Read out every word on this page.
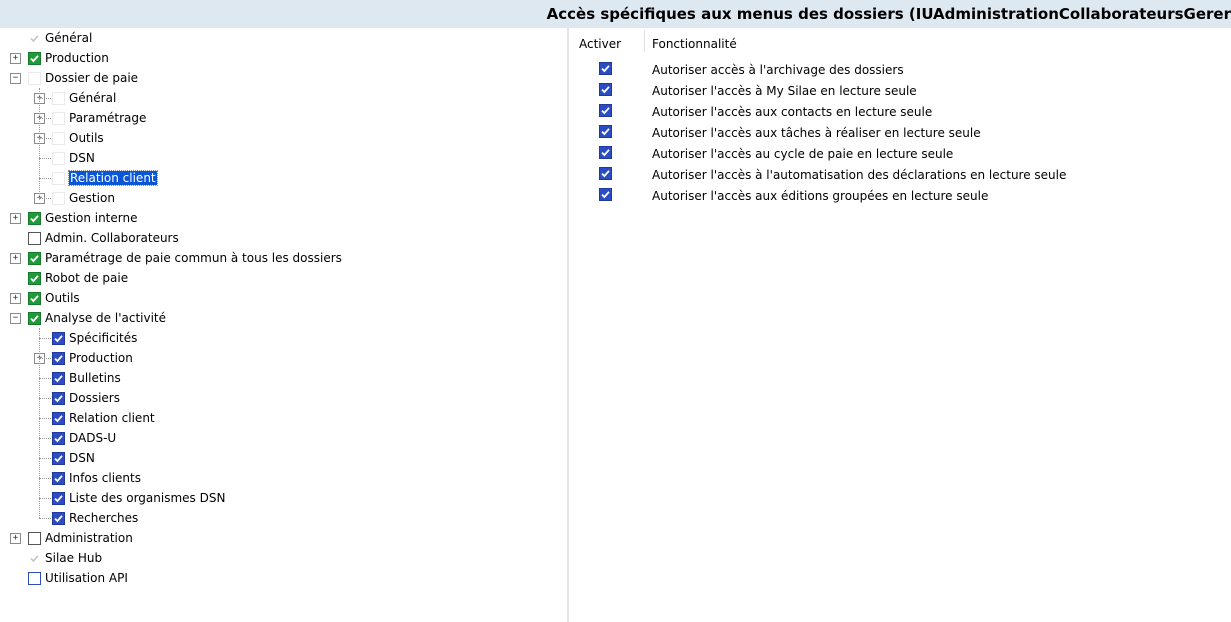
Accès spécifiques aux menus des dossiers (IUAdministrationCollaborateursGerer
Général
+ Production
− Dossier de paie
+ Général
+ Paramétrage
+ Outils
DSN
Relation client
+ Gestion
+ Gestion interne
Admin. Collaborateurs
+ Paramétrage de paie commun à tous les dossiers
Robot de paie
+ Outils
− Analyse de l'activité
Spécificités
+ Production
Bulletins
Dossiers
Relation client
DADS-U
DSN
Infos clients
Liste des organismes DSN
Recherches
+ Administration
Silae Hub
Utilisation API
Activer	Fonctionnalité
Autoriser accès à l'archivage des dossiers
Autoriser l'accès à My Silae en lecture seule
Autoriser l'accès aux contacts en lecture seule
Autoriser l'accès aux tâches à réaliser en lecture seule
Autoriser l'accès au cycle de paie en lecture seule
Autoriser l'accès à l'automatisation des déclarations en lecture seule
Autoriser l'accès aux éditions groupées en lecture seule
